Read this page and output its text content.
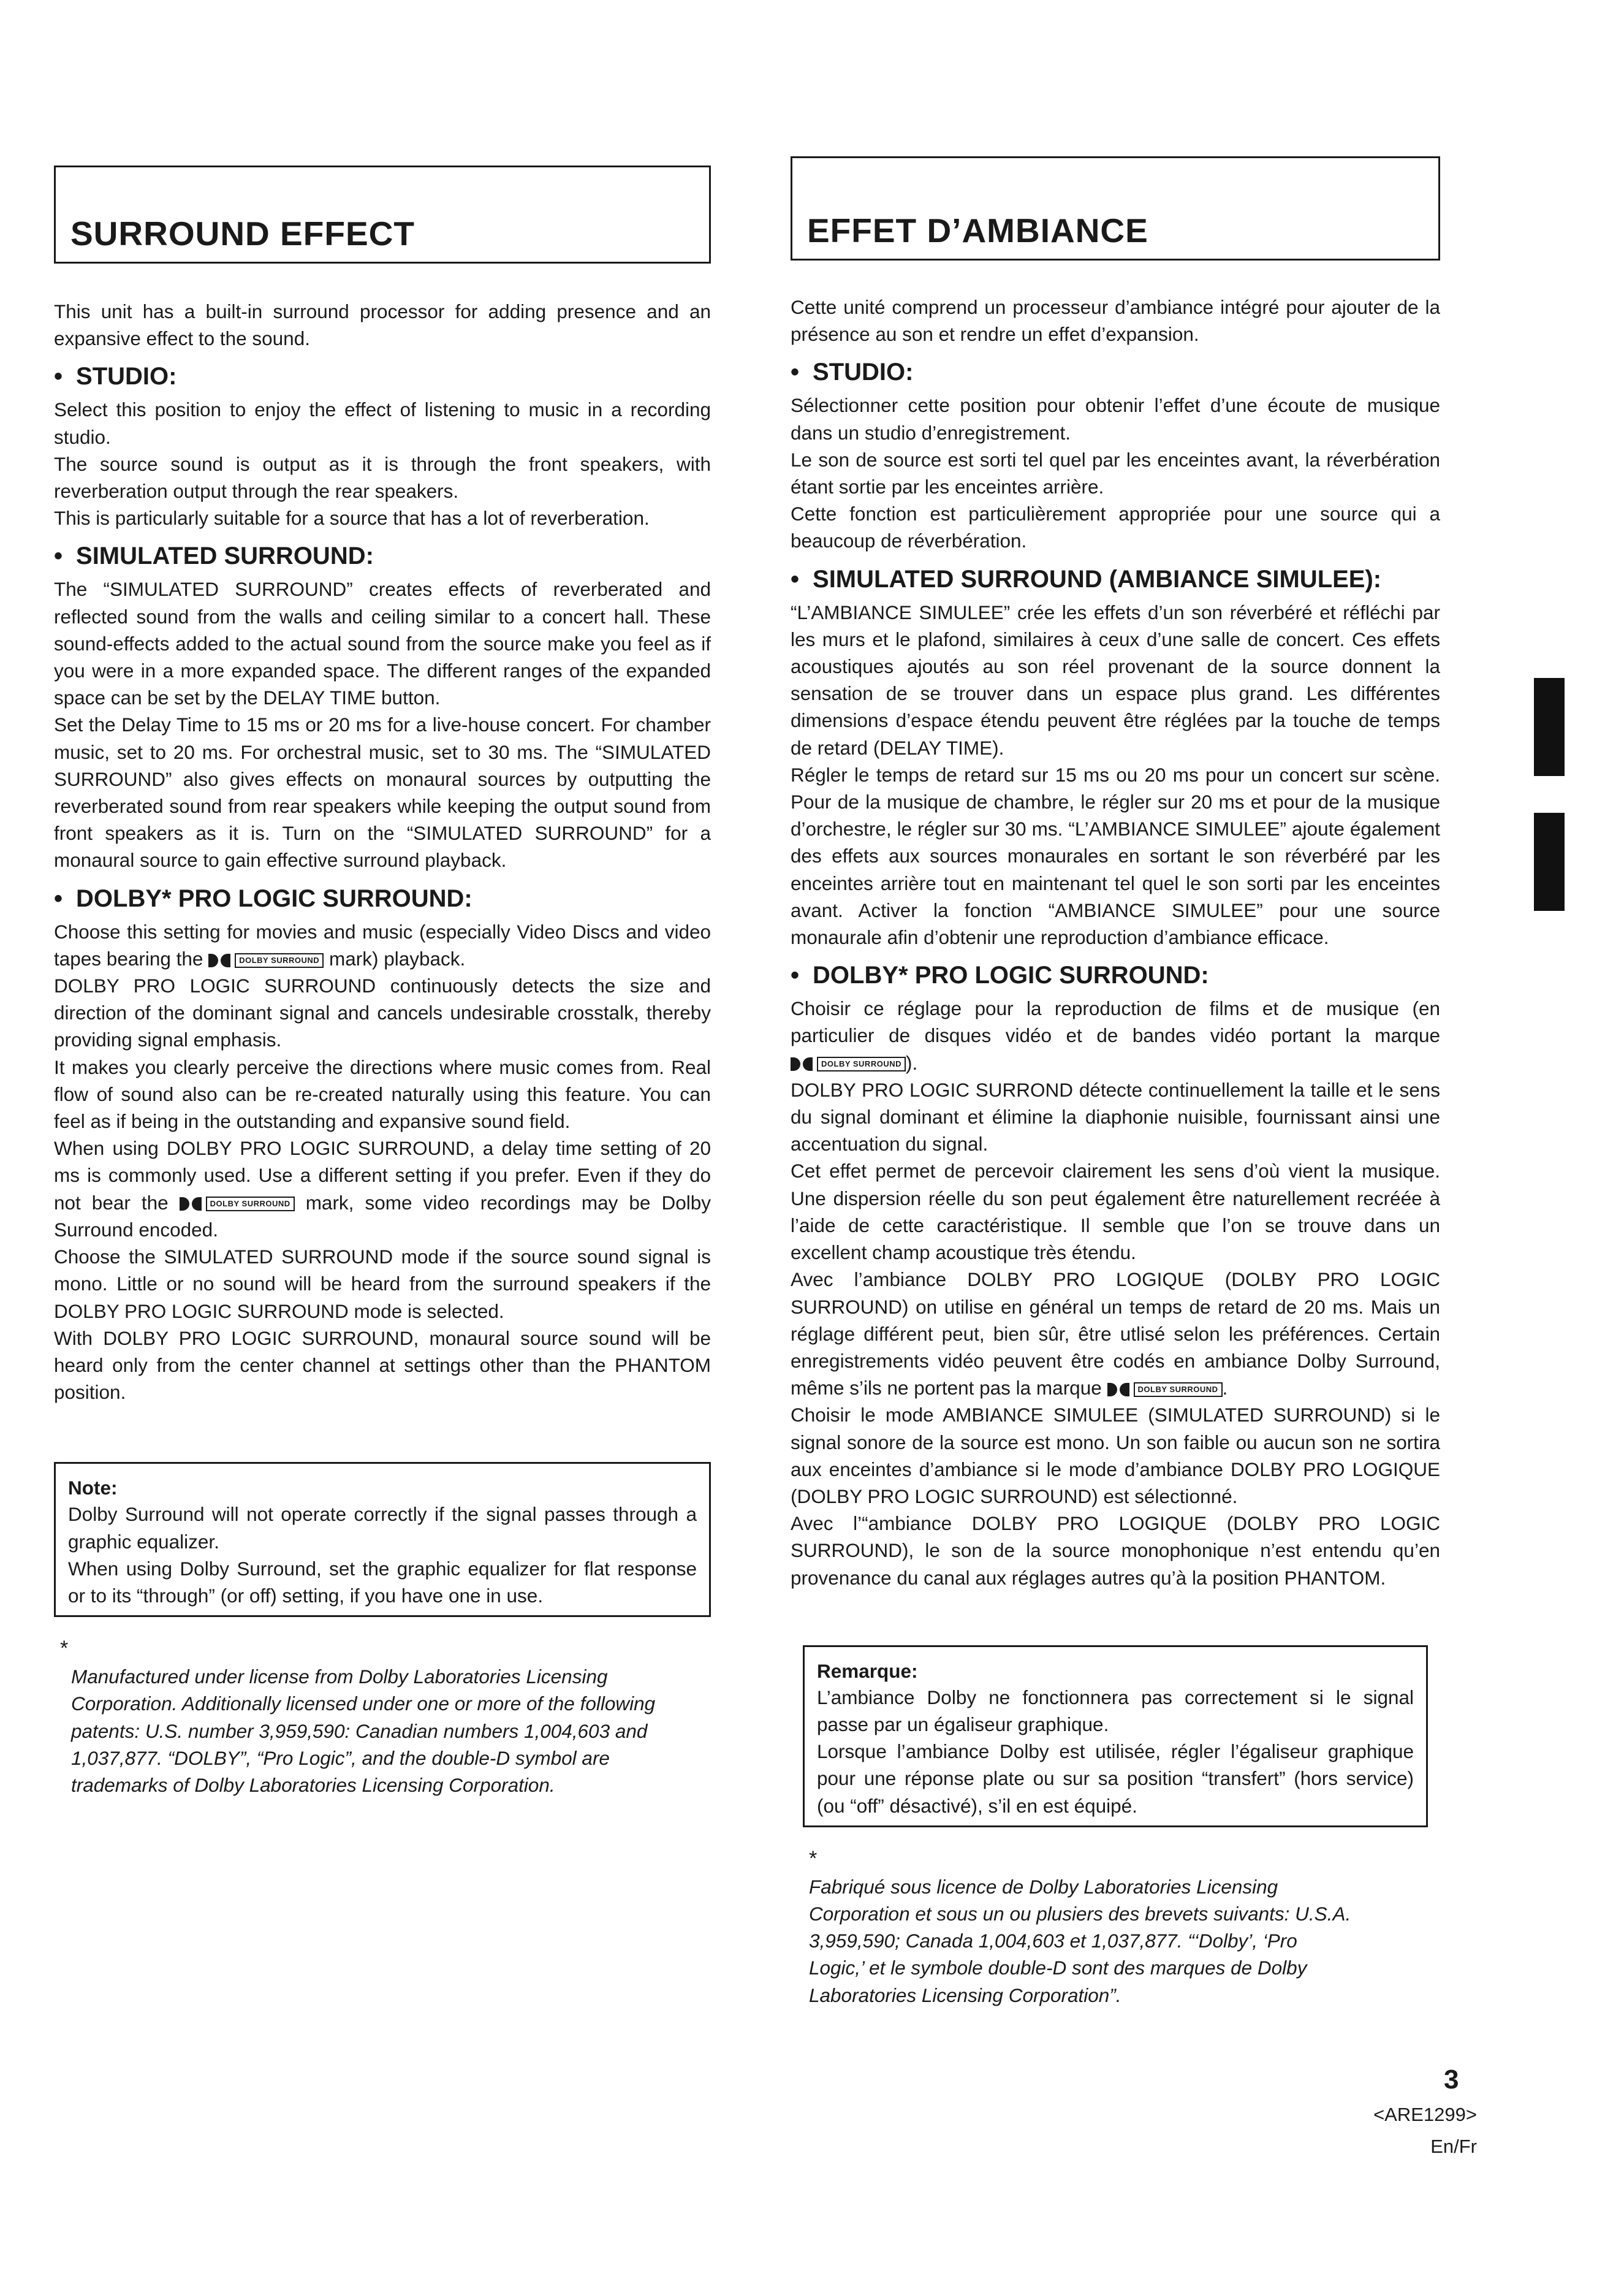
SURROUND EFFECT

This unit has a built-in surround processor for adding presence and an expansive effect to the sound.

• STUDIO:

Select this position to enjoy the effect of listening to music in a recording studio.

The source sound is output as it is through the front speakers, with reverberation output through the rear speakers.

This is particularly suitable for a source that has a lot of reverberation.

• SIMULATED SURROUND:

The “SIMULATED SURROUND” creates effects of reverberated and reflected sound from the walls and ceiling similar to a concert hall. These sound-effects added to the actual sound from the source make you feel as if you were in a more expanded space. The different ranges of the expanded space can be set by the DELAY TIME button.

Set the Delay Time to 15 ms or 20 ms for a live-house concert. For chamber music, set to 20 ms. For orchestral music, set to 30 ms. The “SIMULATED SURROUND” also gives effects on monaural sources by outputting the reverberated sound from rear speakers while keeping the output sound from front speakers as it is. Turn on the “SIMULATED SURROUND” for a monaural source to gain effective surround playback.

• DOLBY* PRO LOGIC SURROUND:

Choose this setting for movies and music (especially Video Discs and video tapes bearing the	DOLBY SURROUND mark) playback.

DOLBY PRO LOGIC SURROUND continuously detects the size and direction of the dominant signal and cancels undesirable crosstalk, thereby providing signal emphasis.

It makes you clearly perceive the directions where music comes from. Real flow of sound also can be re-created naturally using this feature. You can feel as if being in the outstanding and expansive sound field.

When using DOLBY PRO LOGIC SURROUND, a delay time setting of 20 ms is commonly used. Use a different setting if you prefer. Even if they do not bear the	DOLBY SURROUND mark, some video recordings may be Dolby Surround encoded.

Choose the SIMULATED SURROUND mode if the source sound signal is mono. Little or no sound will be heard from the surround speakers if the DOLBY PRO LOGIC SURROUND mode is selected.

With DOLBY PRO LOGIC SURROUND, monaural source sound will be heard only from the center channel at settings other than the PHANTOM position.

Note:

Dolby Surround will not operate correctly if the signal passes through a graphic equalizer.

When using Dolby Surround, set the graphic equalizer for flat response or to its “through” (or off) setting, if you have one in use.

*

Manufactured under license from Dolby Laboratories Licensing Corporation. Additionally licensed under one or more of the following patents: U.S. number 3,959,590: Canadian numbers 1,004,603 and 1,037,877. “DOLBY”, “Pro Logic”, and the double-D symbol are trademarks of Dolby Laboratories Licensing Corporation.

EFFET D’AMBIANCE

Cette unité comprend un processeur d’ambiance intégré pour ajouter de la présence au son et rendre un effet d’expansion.

• STUDIO:

Sélectionner cette position pour obtenir l’effet d’une écoute de musique dans un studio d’enregistrement.

Le son de source est sorti tel quel par les enceintes avant, la réverbération étant sortie par les enceintes arrière.

Cette fonction est particulièrement appropriée pour une source qui a beaucoup de réverbération.

• SIMULATED SURROUND (AMBIANCE SIMULEE):

“L’AMBIANCE SIMULEE” crée les effets d’un son réverbéré et réfléchi par les murs et le plafond, similaires à ceux d’une salle de concert. Ces effets acoustiques ajoutés au son réel provenant de la source donnent la sensation de se trouver dans un espace plus grand. Les différentes dimensions d’espace étendu peuvent être réglées par la touche de temps de retard (DELAY TIME).

Régler le temps de retard sur 15 ms ou 20 ms pour un concert sur scène. Pour de la musique de chambre, le régler sur 20 ms et pour de la musique d’orchestre, le régler sur 30 ms. “L’AMBIANCE SIMULEE” ajoute également des effets aux sources monaurales en sortant le son réverbéré par les enceintes arrière tout en maintenant tel quel le son sorti par les enceintes avant. Activer la fonction “AMBIANCE SIMULEE” pour une source monaurale afin d’obtenir une reproduction d’ambiance efficace.

• DOLBY* PRO LOGIC SURROUND:

Choisir ce réglage pour la reproduction de films et de musique (en particulier de disques vidéo et de bandes vidéo portant la marque
DOLBY SURROUND ).

DOLBY PRO LOGIC SURROND détecte continuellement la taille et le sens du signal dominant et élimine la diaphonie nuisible, fournissant ainsi une accentuation du signal.

Cet effet permet de percevoir clairement les sens d’où vient la musique. Une dispersion réelle du son peut également être naturellement recréée à l’aide de cette caractéristique. Il semble que l’on se trouve dans un excellent champ acoustique très étendu.

Avec l’ambiance DOLBY PRO LOGIQUE (DOLBY PRO LOGIC SURROUND) on utilise en général un temps de retard de 20 ms. Mais un réglage différent peut, bien sûr, être utlisé selon les préférences. Certain enregistrements vidéo peuvent être codés en ambiance Dolby Surround, même s’ils ne portent pas la marque	DOLBY SURROUND .

Choisir le mode AMBIANCE SIMULEE (SIMULATED SURROUND) si le signal sonore de la source est mono. Un son faible ou aucun son ne sortira aux enceintes d’ambiance si le mode d’ambiance DOLBY PRO LOGIQUE (DOLBY PRO LOGIC SURROUND) est sélectionné.

Avec l’“ambiance DOLBY PRO LOGIQUE (DOLBY PRO LOGIC SURROUND), le son de la source monophonique n’est entendu qu’en provenance du canal aux réglages autres qu’à la position PHANTOM.

Remarque:

L’ambiance Dolby ne fonctionnera pas correctement si le signal passe par un égaliseur graphique.

Lorsque l’ambiance Dolby est utilisée, régler l’égaliseur graphique pour une réponse plate ou sur sa position “transfert” (hors service) (ou “off” désactivé), s’il en est équipé.

*

Fabriqué sous licence de Dolby Laboratories Licensing Corporation et sous un ou plusiers des brevets suivants: U.S.A. 3,959,590; Canada 1,004,603 et 1,037,877. “‘Dolby’, ‘Pro Logic,’ et le symbole double-D sont des marques de Dolby Laboratories Licensing Corporation”.

3
<ARE1299>
En/Fr
